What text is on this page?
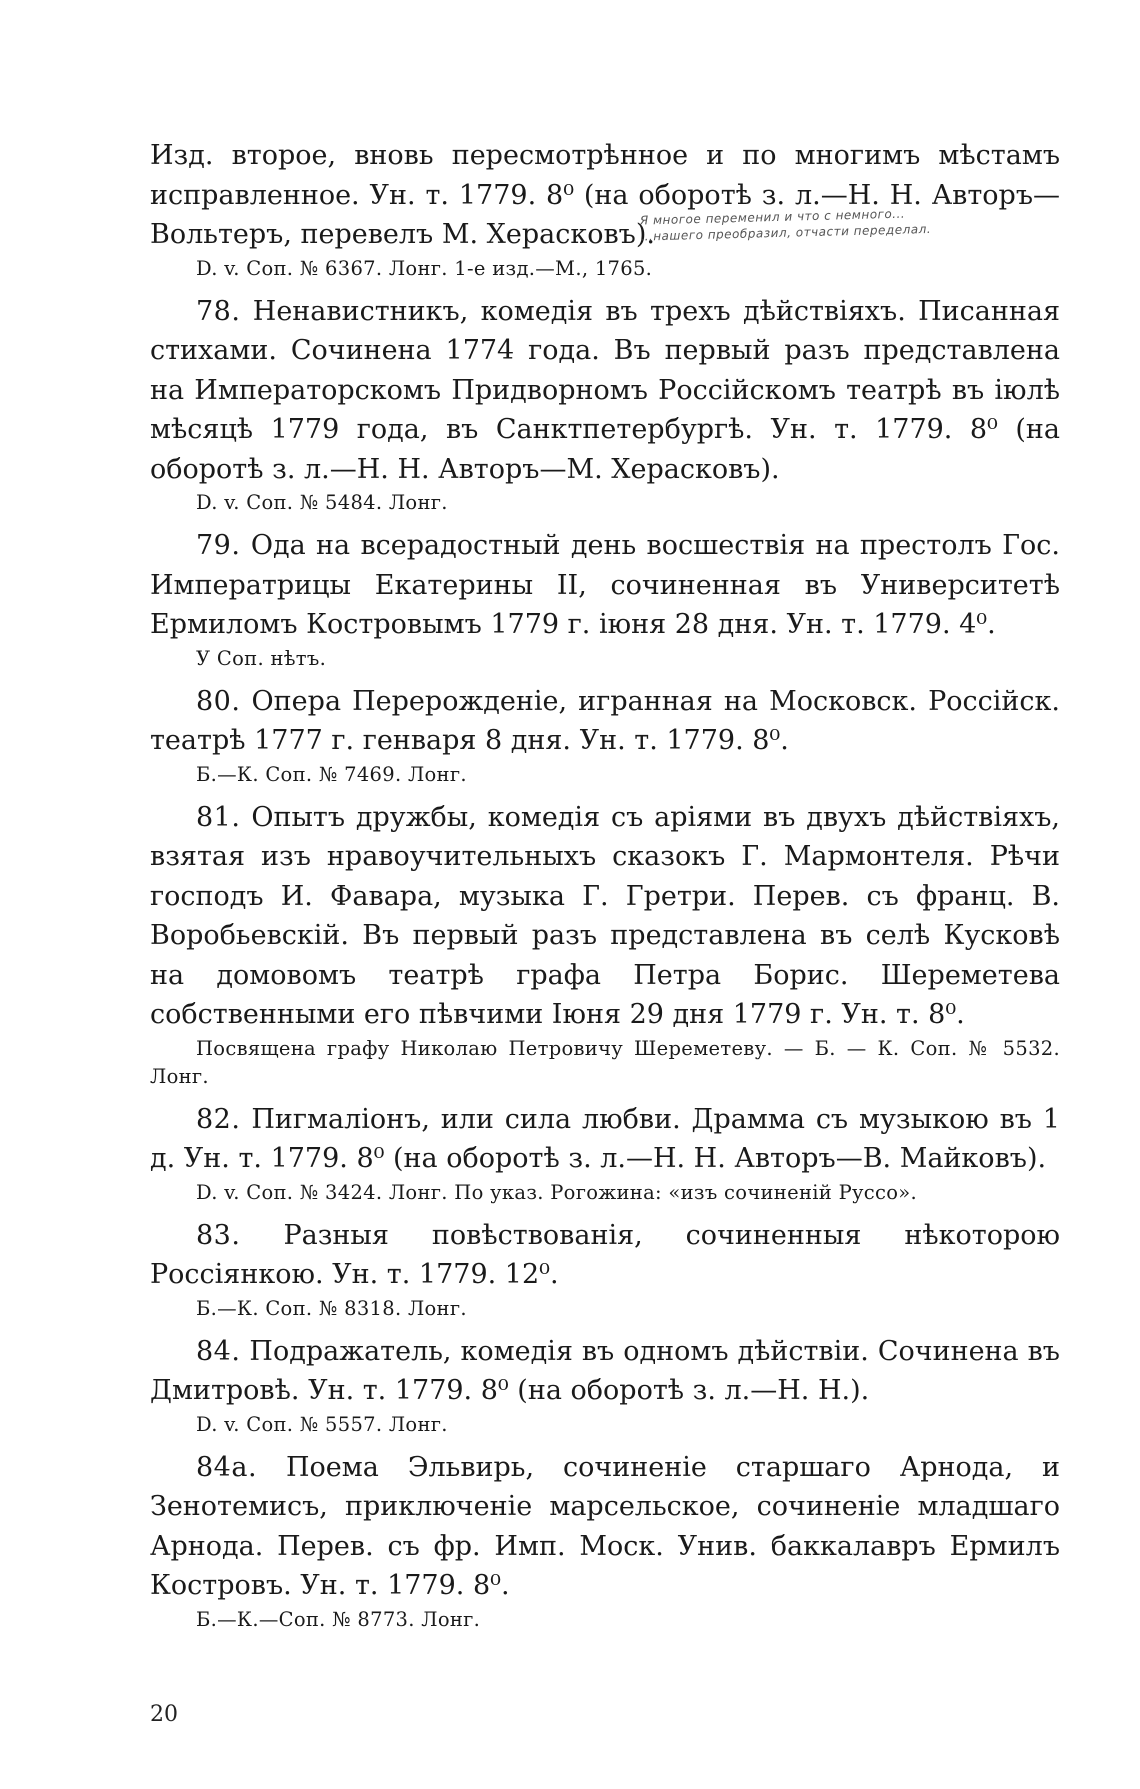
Изд. второе, вновь пересмотрѣнное и по многимъ мѣстамъ исправленное. Ун. т. 1779. 8⁰ (на оборотѣ з. л.—Н. Н. Авторъ—Вольтеръ, перевелъ М. Херасковъ).

D. v. Соп. № 6367. Лонг. 1-е изд.—М., 1765.

Я многое переменил и что с немного...
...нашего преобразил, отчасти переделал.

78. Ненавистникъ, комедія въ трехъ дѣйствіяхъ. Писанная стихами. Сочинена 1774 года. Въ первый разъ представлена на Императорскомъ Придворномъ Россійскомъ театрѣ въ іюлѣ мѣсяцѣ 1779 года, въ Санктпетербургѣ. Ун. т. 1779. 8⁰ (на оборотѣ з. л.—Н. Н. Авторъ—М. Херасковъ).

D. v. Соп. № 5484. Лонг.

79. Ода на всерадостный день восшествія на престолъ Гос. Императрицы Екатерины II, сочиненная въ Университетѣ Ермиломъ Костровымъ 1779 г. іюня 28 дня. Ун. т. 1779. 4⁰.

У Соп. нѣтъ.

80. Опера Перерожденіе, игранная на Московск. Россійск. театрѣ 1777 г. генваря 8 дня. Ун. т. 1779. 8⁰.

Б.—К. Соп. № 7469. Лонг.

81. Опытъ дружбы, комедія съ аріями въ двухъ дѣйствіяхъ, взятая изъ нравоучительныхъ сказокъ Г. Мармонтеля. Рѣчи господъ И. Фавара, музыка Г. Гретри. Перев. съ франц. В. Воробьевскій. Въ первый разъ представлена въ селѣ Кусковѣ на домовомъ театрѣ графа Петра Борис. Шереметева собственными его пѣвчими Іюня 29 дня 1779 г. Ун. т. 8⁰.

Посвящена графу Николаю Петровичу Шереметеву. — Б. — К. Соп. № 5532. Лонг.

82. Пигмаліонъ, или сила любви. Драмма съ музыкою въ 1 д. Ун. т. 1779. 8⁰ (на оборотѣ з. л.—Н. Н. Авторъ—В. Майковъ).

D. v. Соп. № 3424. Лонг. По указ. Рогожина: «изъ сочиненій Руссо».

83. Разныя повѣствованія, сочиненныя нѣкоторою Россіянкою. Ун. т. 1779. 12⁰.

Б.—К. Соп. № 8318. Лонг.

84. Подражатель, комедія въ одномъ дѣйствіи. Сочинена въ Дмитровѣ. Ун. т. 1779. 8⁰ (на оборотѣ з. л.—Н. Н.).

D. v. Соп. № 5557. Лонг.

84а. Поема Эльвирь, сочиненіе старшаго Арнода, и Зенотемисъ, приключеніе марсельское, сочиненіе младшаго Арнода. Перев. съ фр. Имп. Моск. Унив. баккалавръ Ермилъ Костровъ. Ун. т. 1779. 8⁰.

Б.—К.—Соп. № 8773. Лонг.

20
